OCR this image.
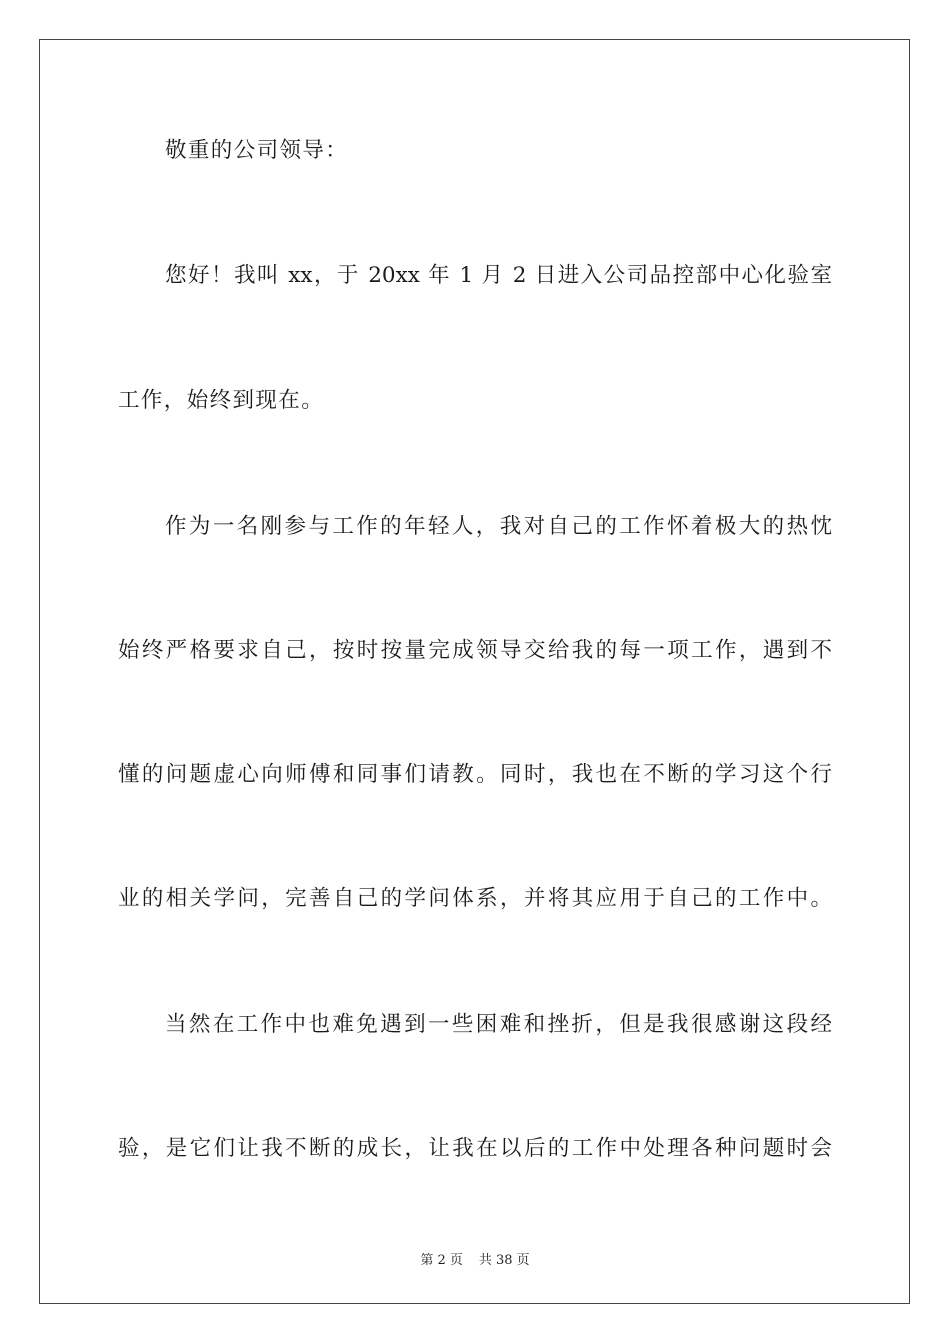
敬重的公司领导：
您好！我叫 xx，于 20xx 年 1 月 2 日进入公司品控部中心化验室
工作，始终到现在。
作为一名刚参与工作的年轻人，我对自己的工作怀着极大的热忱
始终严格要求自己，按时按量完成领导交给我的每一项工作，遇到不
懂的问题虚心向师傅和同事们请教。同时，我也在不断的学习这个行
业的相关学问，完善自己的学问体系，并将其应用于自己的工作中。
当然在工作中也难免遇到一些困难和挫折，但是我很感谢这段经
验，是它们让我不断的成长，让我在以后的工作中处理各种问题时会
第 2 页 共 38 页
